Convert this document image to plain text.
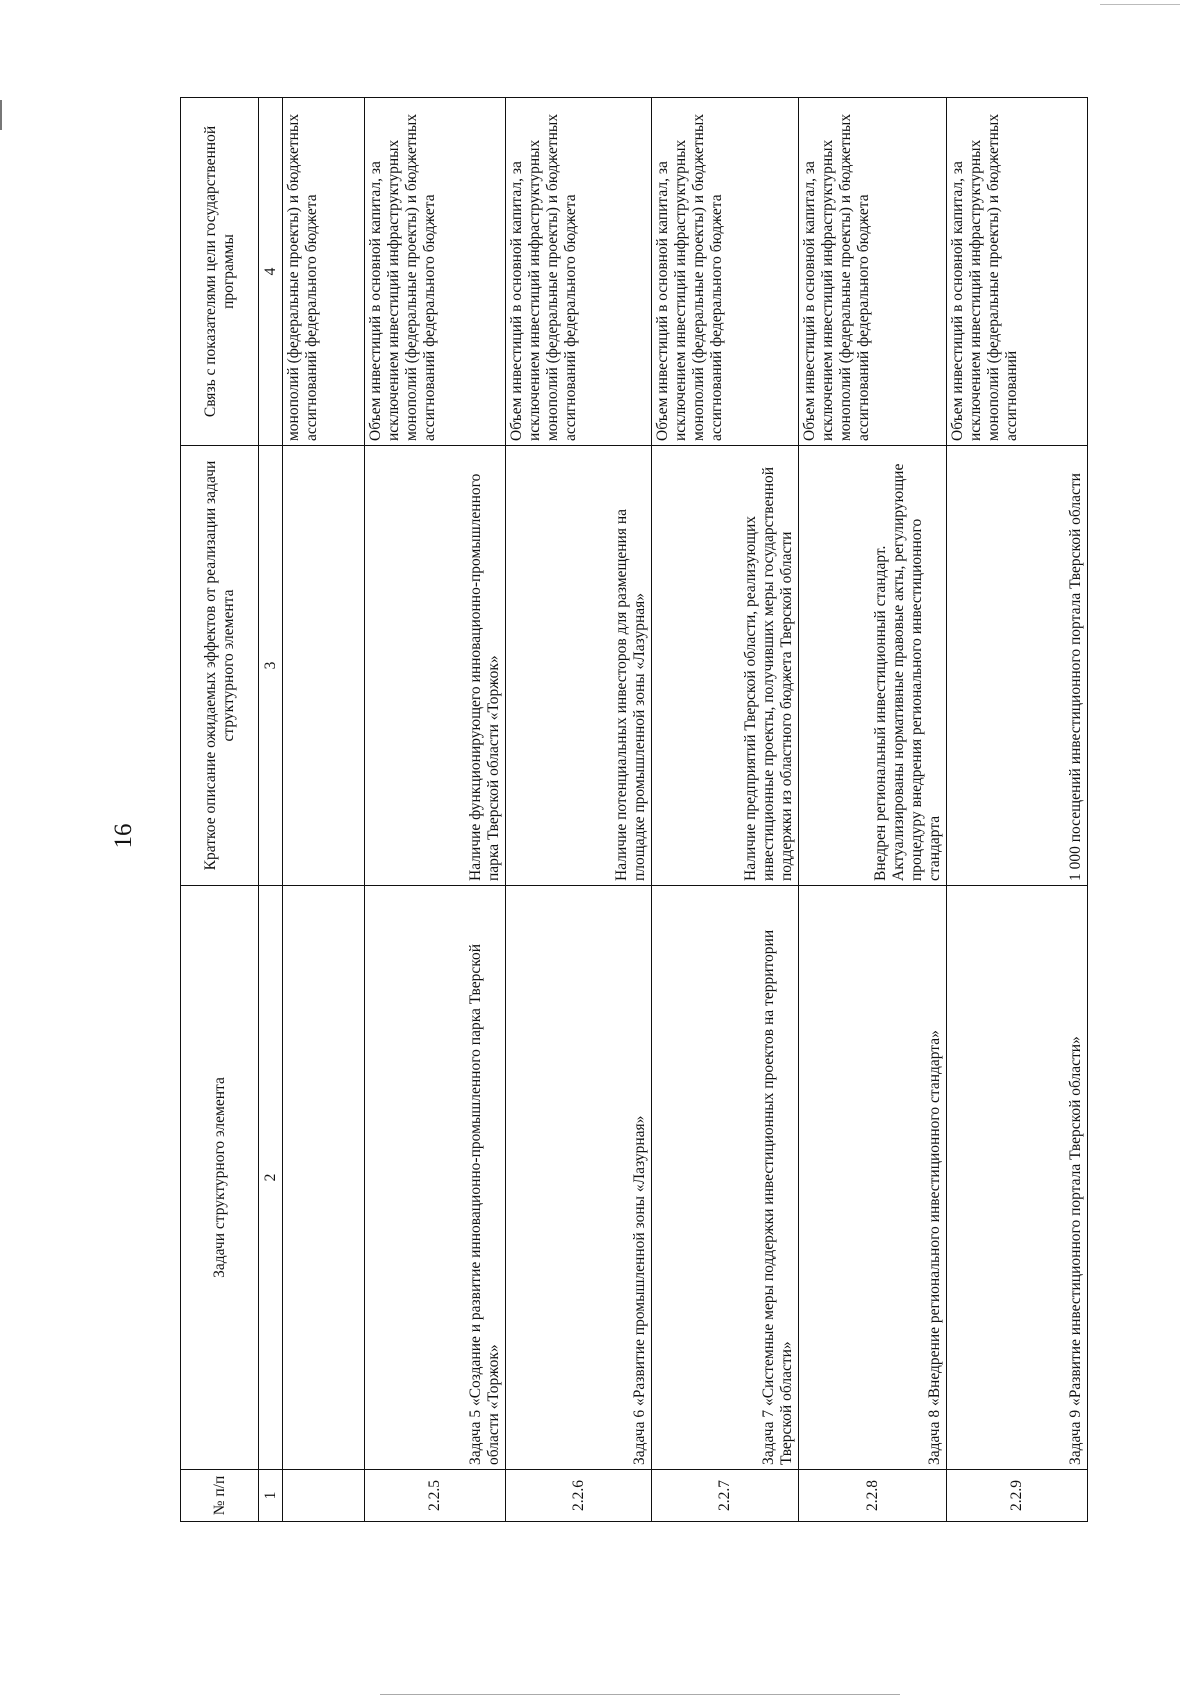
16
№ п/п	Задачи структурного элемента	Краткое описание ожидаемых эффектов от реализации задачи структурного элемента	Связь с показателями цели государственной программы
1	2	3	4
			монополий (федеральные проекты) и бюджетных ассигнований федерального бюджета
2.2.5	Задача 5 «Создание и развитие инновационно-промышленного парка Тверской области «Торжок»	Наличие функционирующего инновационно-промышленного парка Тверской области «Торжок»	Объем инвестиций в основной капитал, за исключением инвестиций инфраструктурных монополий (федеральные проекты) и бюджетных ассигнований федерального бюджета
2.2.6	Задача 6 «Развитие промышленной зоны «Лазурная»	Наличие потенциальных инвесторов для размещения на площадке промышленной зоны «Лазурная»	Объем инвестиций в основной капитал, за исключением инвестиций инфраструктурных монополий (федеральные проекты) и бюджетных ассигнований федерального бюджета
2.2.7	Задача 7 «Системные меры поддержки инвестиционных проектов на территории Тверской области»	Наличие предприятий Тверской области, реализующих инвестиционные проекты, получивших меры государственной поддержки из областного бюджета Тверской области	Объем инвестиций в основной капитал, за исключением инвестиций инфраструктурных монополий (федеральные проекты) и бюджетных ассигнований федерального бюджета
2.2.8	Задача 8 «Внедрение регионального инвестиционного стандарта»	Внедрен региональный инвестиционный стандарт. Актуализированы нормативные правовые акты, регулирующие процедуру внедрения регионального инвестиционного стандарта	Объем инвестиций в основной капитал, за исключением инвестиций инфраструктурных монополий (федеральные проекты) и бюджетных ассигнований федерального бюджета
2.2.9	Задача 9 «Развитие инвестиционного портала Тверской области»	1 000 посещений инвестиционного портала Тверской области	Объем инвестиций в основной капитал, за исключением инвестиций инфраструктурных монополий (федеральные проекты) и бюджетных ассигнований
